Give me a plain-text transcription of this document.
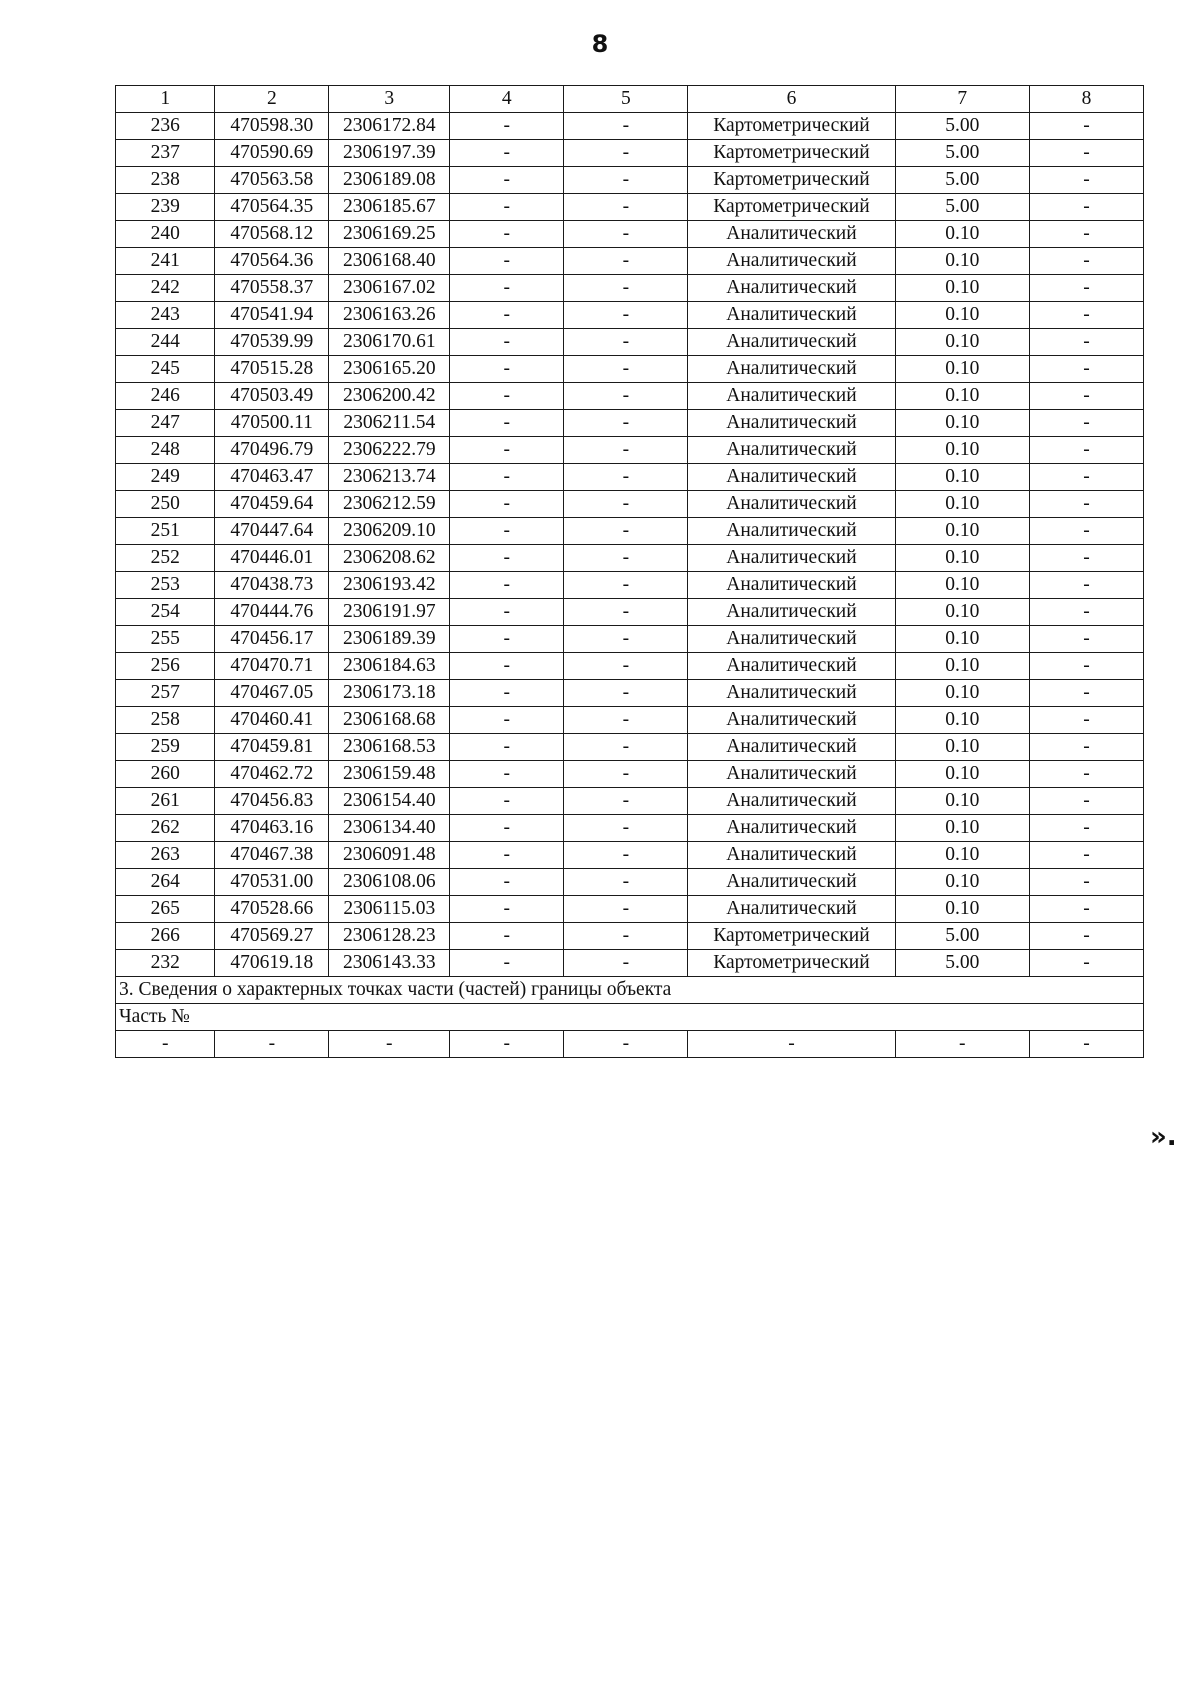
8
1	2	3	4	5	6	7	8
236	470598.30	2306172.84	-	-	Картометрический	5.00	-
237	470590.69	2306197.39	-	-	Картометрический	5.00	-
238	470563.58	2306189.08	-	-	Картометрический	5.00	-
239	470564.35	2306185.67	-	-	Картометрический	5.00	-
240	470568.12	2306169.25	-	-	Аналитический	0.10	-
241	470564.36	2306168.40	-	-	Аналитический	0.10	-
242	470558.37	2306167.02	-	-	Аналитический	0.10	-
243	470541.94	2306163.26	-	-	Аналитический	0.10	-
244	470539.99	2306170.61	-	-	Аналитический	0.10	-
245	470515.28	2306165.20	-	-	Аналитический	0.10	-
246	470503.49	2306200.42	-	-	Аналитический	0.10	-
247	470500.11	2306211.54	-	-	Аналитический	0.10	-
248	470496.79	2306222.79	-	-	Аналитический	0.10	-
249	470463.47	2306213.74	-	-	Аналитический	0.10	-
250	470459.64	2306212.59	-	-	Аналитический	0.10	-
251	470447.64	2306209.10	-	-	Аналитический	0.10	-
252	470446.01	2306208.62	-	-	Аналитический	0.10	-
253	470438.73	2306193.42	-	-	Аналитический	0.10	-
254	470444.76	2306191.97	-	-	Аналитический	0.10	-
255	470456.17	2306189.39	-	-	Аналитический	0.10	-
256	470470.71	2306184.63	-	-	Аналитический	0.10	-
257	470467.05	2306173.18	-	-	Аналитический	0.10	-
258	470460.41	2306168.68	-	-	Аналитический	0.10	-
259	470459.81	2306168.53	-	-	Аналитический	0.10	-
260	470462.72	2306159.48	-	-	Аналитический	0.10	-
261	470456.83	2306154.40	-	-	Аналитический	0.10	-
262	470463.16	2306134.40	-	-	Аналитический	0.10	-
263	470467.38	2306091.48	-	-	Аналитический	0.10	-
264	470531.00	2306108.06	-	-	Аналитический	0.10	-
265	470528.66	2306115.03	-	-	Аналитический	0.10	-
266	470569.27	2306128.23	-	-	Картометрический	5.00	-
232	470619.18	2306143.33	-	-	Картометрический	5.00	-
3. Сведения о характерных точках части (частей) границы объекта							
Часть №							
-	-	-	-	-	-	-	-
».
